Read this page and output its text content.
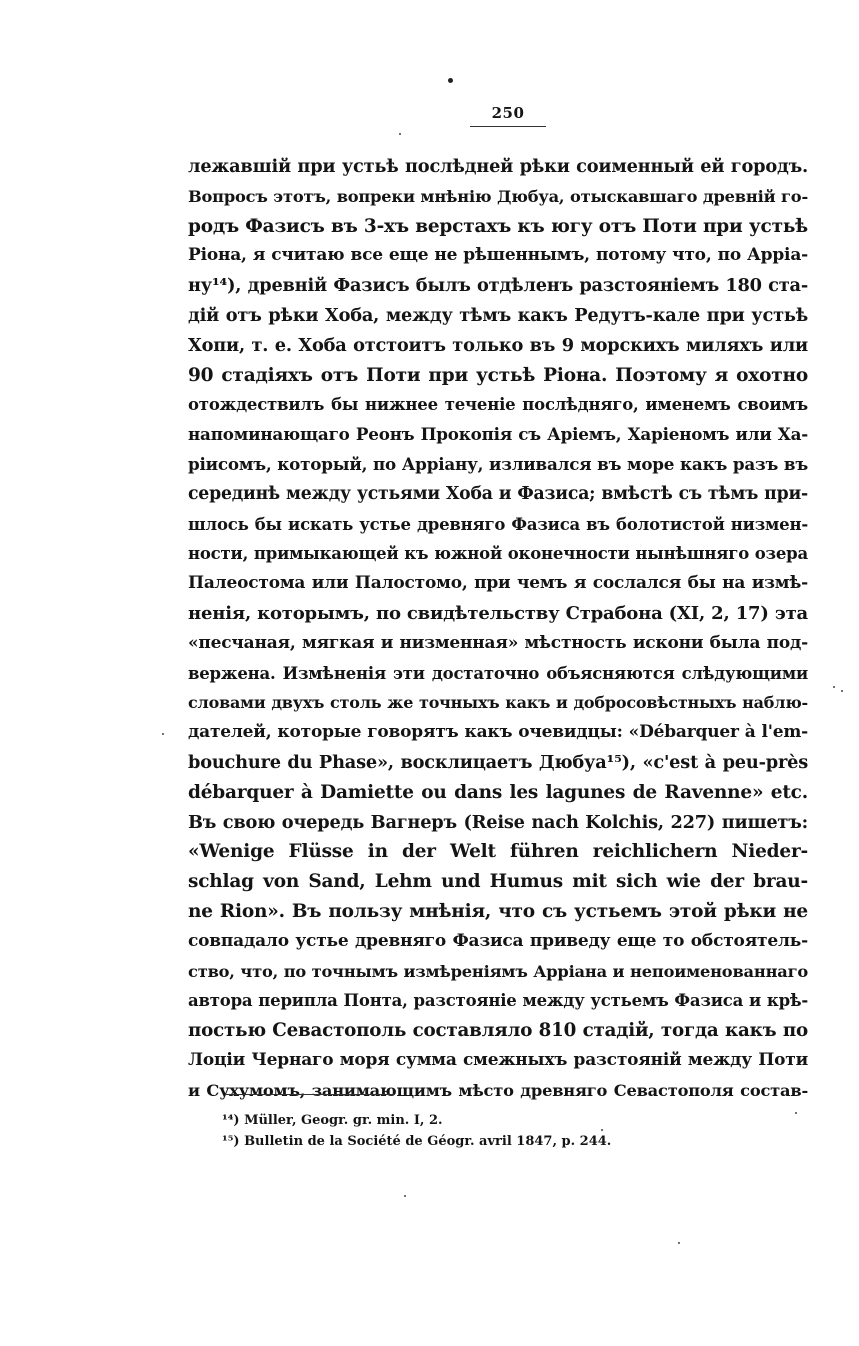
250
лежавшій при устьѣ послѣдней рѣки соименный ей городъ.
Вопросъ этотъ, вопреки мнѣнію Дюбуа, отыскавшаго древній го-
родъ Фазисъ въ 3-хъ верстахъ къ югу отъ Поти при устьѣ
Ріона, я считаю все еще не рѣшеннымъ, потому что, по Арріа-
ну¹⁴), древній Фазисъ былъ отдѣленъ разстояніемъ 180 ста-
дій отъ рѣки Хоба, между тѣмъ какъ Редутъ-кале при устьѣ
Хопи, т. е. Хоба отстоитъ только въ 9 морскихъ миляхъ или
90 стадіяхъ отъ Поти при устьѣ Ріона. Поэтому я охотно
отождествилъ бы нижнее теченіе послѣдняго, именемъ своимъ
напоминающаго Реонъ Прокопія съ Аріемъ, Харіеномъ или Ха-
ріисомъ, который, по Арріану, изливался въ море какъ разъ въ
серединѣ между устьями Хоба и Фазиса; вмѣстѣ съ тѣмъ при-
шлось бы искать устье древняго Фазиса въ болотистой низмен-
ности, примыкающей къ южной оконечности нынѣшняго озера
Палеостома или Палостомо, при чемъ я сослался бы на измѣ-
ненія, которымъ, по свидѣтельству Страбона (XI, 2, 17) эта
«песчаная, мягкая и низменная» мѣстность искони была под-
вержена. Измѣненія эти достаточно объясняются слѣдующими
словами двухъ столь же точныхъ какъ и добросовѣстныхъ наблю-
дателей, которые говорятъ какъ очевидцы: «Débarquer à l'em-
bouchure du Phase», восклицаетъ Дюбуа¹⁵), «c'est à peu-près
débarquer à Damiette ou dans les lagunes de Ravenne» etc.
Въ свою очередь Вагнеръ (Reise nach Kolchis, 227) пишетъ:
«Wenige Flüsse in der Welt führen reichlichern Nieder-
schlag von Sand, Lehm und Humus mit sich wie der brau-
ne Rion». Въ пользу мнѣнія, что съ устьемъ этой рѣки не
совпадало устье древняго Фазиса приведу еще то обстоятель-
ство, что, по точнымъ измѣреніямъ Арріана и непоименованнаго
автора перипла Понта, разстояніе между устьемъ Фазиса и крѣ-
постью Севастополь составляло 810 стадій, тогда какъ по
Лоціи Чернаго моря сумма смежныхъ разстояній между Поти
и Сухумомъ, занимающимъ мѣсто древняго Севастополя состав-
¹⁴) Müller, Geogr. gr. min. I, 2.
¹⁵) Bulletin de la Société de Géogr. avril 1847, p. 244.
